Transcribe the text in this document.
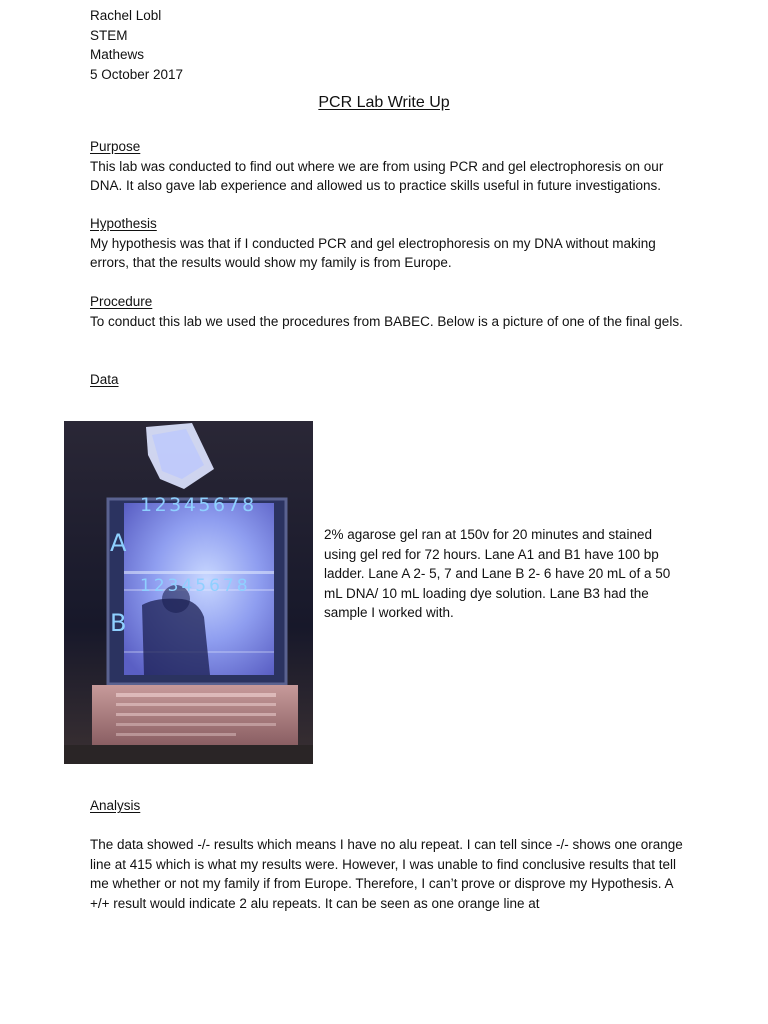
Rachel Lobl
STEM
Mathews
5 October 2017
PCR Lab Write Up
Purpose

This lab was conducted to find out where we are from using PCR and gel electrophoresis on our DNA. It also gave lab experience and allowed us to practice skills useful in future investigations.

Hypothesis

My hypothesis was that if I conducted PCR and gel electrophoresis on my DNA without making errors, that the results would show my family is from Europe.

Procedure

To conduct this lab we used the procedures from BABEC. Below is a picture of one of the final gels.

Data
12345678
12345678
A
B
2% agarose gel ran at 150v for 20 minutes and stained using gel red for 72 hours. Lane A1 and B1 have 100 bp ladder. Lane A 2- 5, 7 and Lane B 2- 6 have 20 mL of a 50 mL DNA/ 10 mL loading dye solution. Lane B3 had the sample I worked with.
Analysis

The data showed -/- results which means I have no alu repeat. I can tell since -/- shows one orange line at 415 which is what my results were. However, I was unable to find conclusive results that tell me whether or not my family if from Europe. Therefore, I can’t prove or disprove my Hypothesis. A +/+ result would indicate 2 alu repeats. It can be seen as one orange line at
